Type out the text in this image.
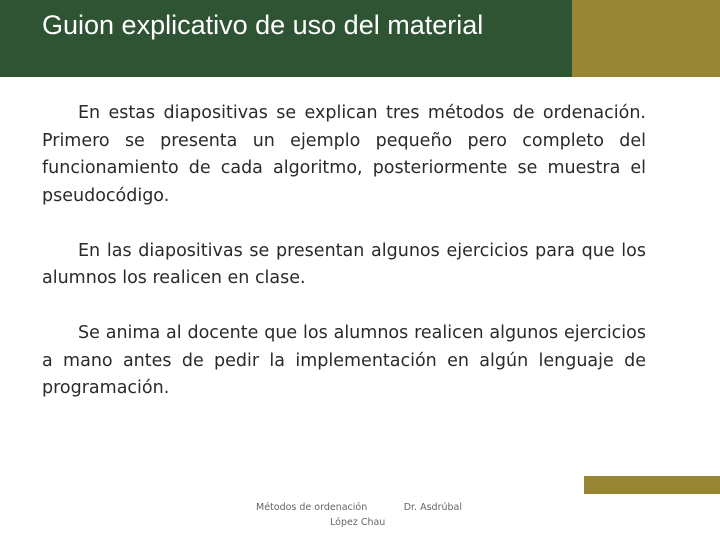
Guion explicativo de uso del material

En estas diapositivas se explican tres métodos de ordenación. Primero se presenta un ejemplo pequeño pero completo del funcionamiento de cada algoritmo, posteriormente se muestra el pseudocódigo.

En las diapositivas se presentan algunos ejercicios para que los alumnos los realicen en clase.

Se anima al docente que los alumnos realicen algunos ejercicios a mano antes de pedir la implementación en algún lenguaje de programación.

Métodos de ordenación	Dr. Asdrúbal
López Chau
